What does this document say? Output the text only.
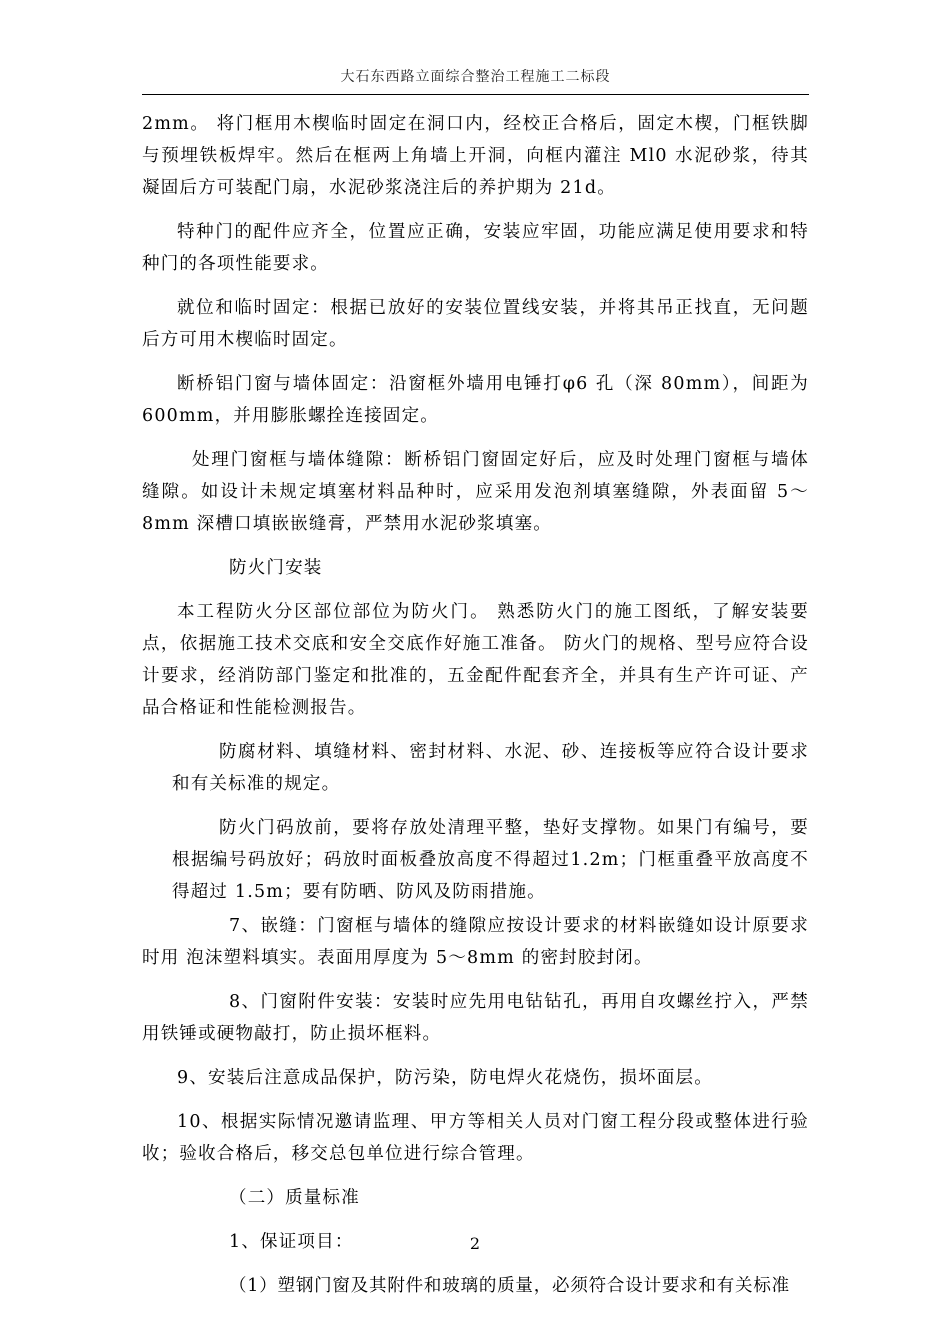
大石东西路立面综合整治工程施工二标段

2mm。 将门框用木楔临时固定在洞口内，经校正合格后，固定木楔，门框铁脚与预埋铁板焊牢。然后在框两上角墙上开洞，向框内灌注 Ml0 水泥砂浆，待其凝固后方可装配门扇，水泥砂浆浇注后的养护期为 21d。

特种门的配件应齐全，位置应正确，安装应牢固，功能应满足使用要求和特种门的各项性能要求。

就位和临时固定：根据已放好的安装位置线安装，并将其吊正找直，无问题后方可用木楔临时固定。

断桥铝门窗与墙体固定：沿窗框外墙用电锤打φ6 孔（深 80mm），间距为 600mm，并用膨胀螺拴连接固定。

处理门窗框与墙体缝隙：断桥铝门窗固定好后，应及时处理门窗框与墙体缝隙。如设计未规定填塞材料品种时，应采用发泡剂填塞缝隙，外表面留 5～8mm 深槽口填嵌嵌缝膏，严禁用水泥砂浆填塞。

防火门安装

本工程防火分区部位部位为防火门。 熟悉防火门的施工图纸，了解安装要点，依据施工技术交底和安全交底作好施工准备。 防火门的规格、型号应符合设计要求，经消防部门鉴定和批准的，五金配件配套齐全，并具有生产许可证、产品合格证和性能检测报告。

防腐材料、填缝材料、密封材料、水泥、砂、连接板等应符合设计要求和有关标准的规定。

防火门码放前，要将存放处清理平整，垫好支撑物。如果门有编号，要根据编号码放好；码放时面板叠放高度不得超过1.2m；门框重叠平放高度不得超过 1.5m；要有防晒、防风及防雨措施。

7、嵌缝：门窗框与墙体的缝隙应按设计要求的材料嵌缝如设计原要求时用 泡沫塑料填实。表面用厚度为 5～8mm 的密封胶封闭。

8、门窗附件安装：安装时应先用电钻钻孔，再用自攻螺丝拧入，严禁用铁锤或硬物敲打，防止损坏框料。

9、安装后注意成品保护，防污染，防电焊火花烧伤，损坏面层。

10、根据实际情况邀请监理、甲方等相关人员对门窗工程分段或整体进行验收；验收合格后，移交总包单位进行综合管理。

（二）质量标准

1、保证项目：

（1）塑钢门窗及其附件和玻璃的质量，必须符合设计要求和有关标准

2
